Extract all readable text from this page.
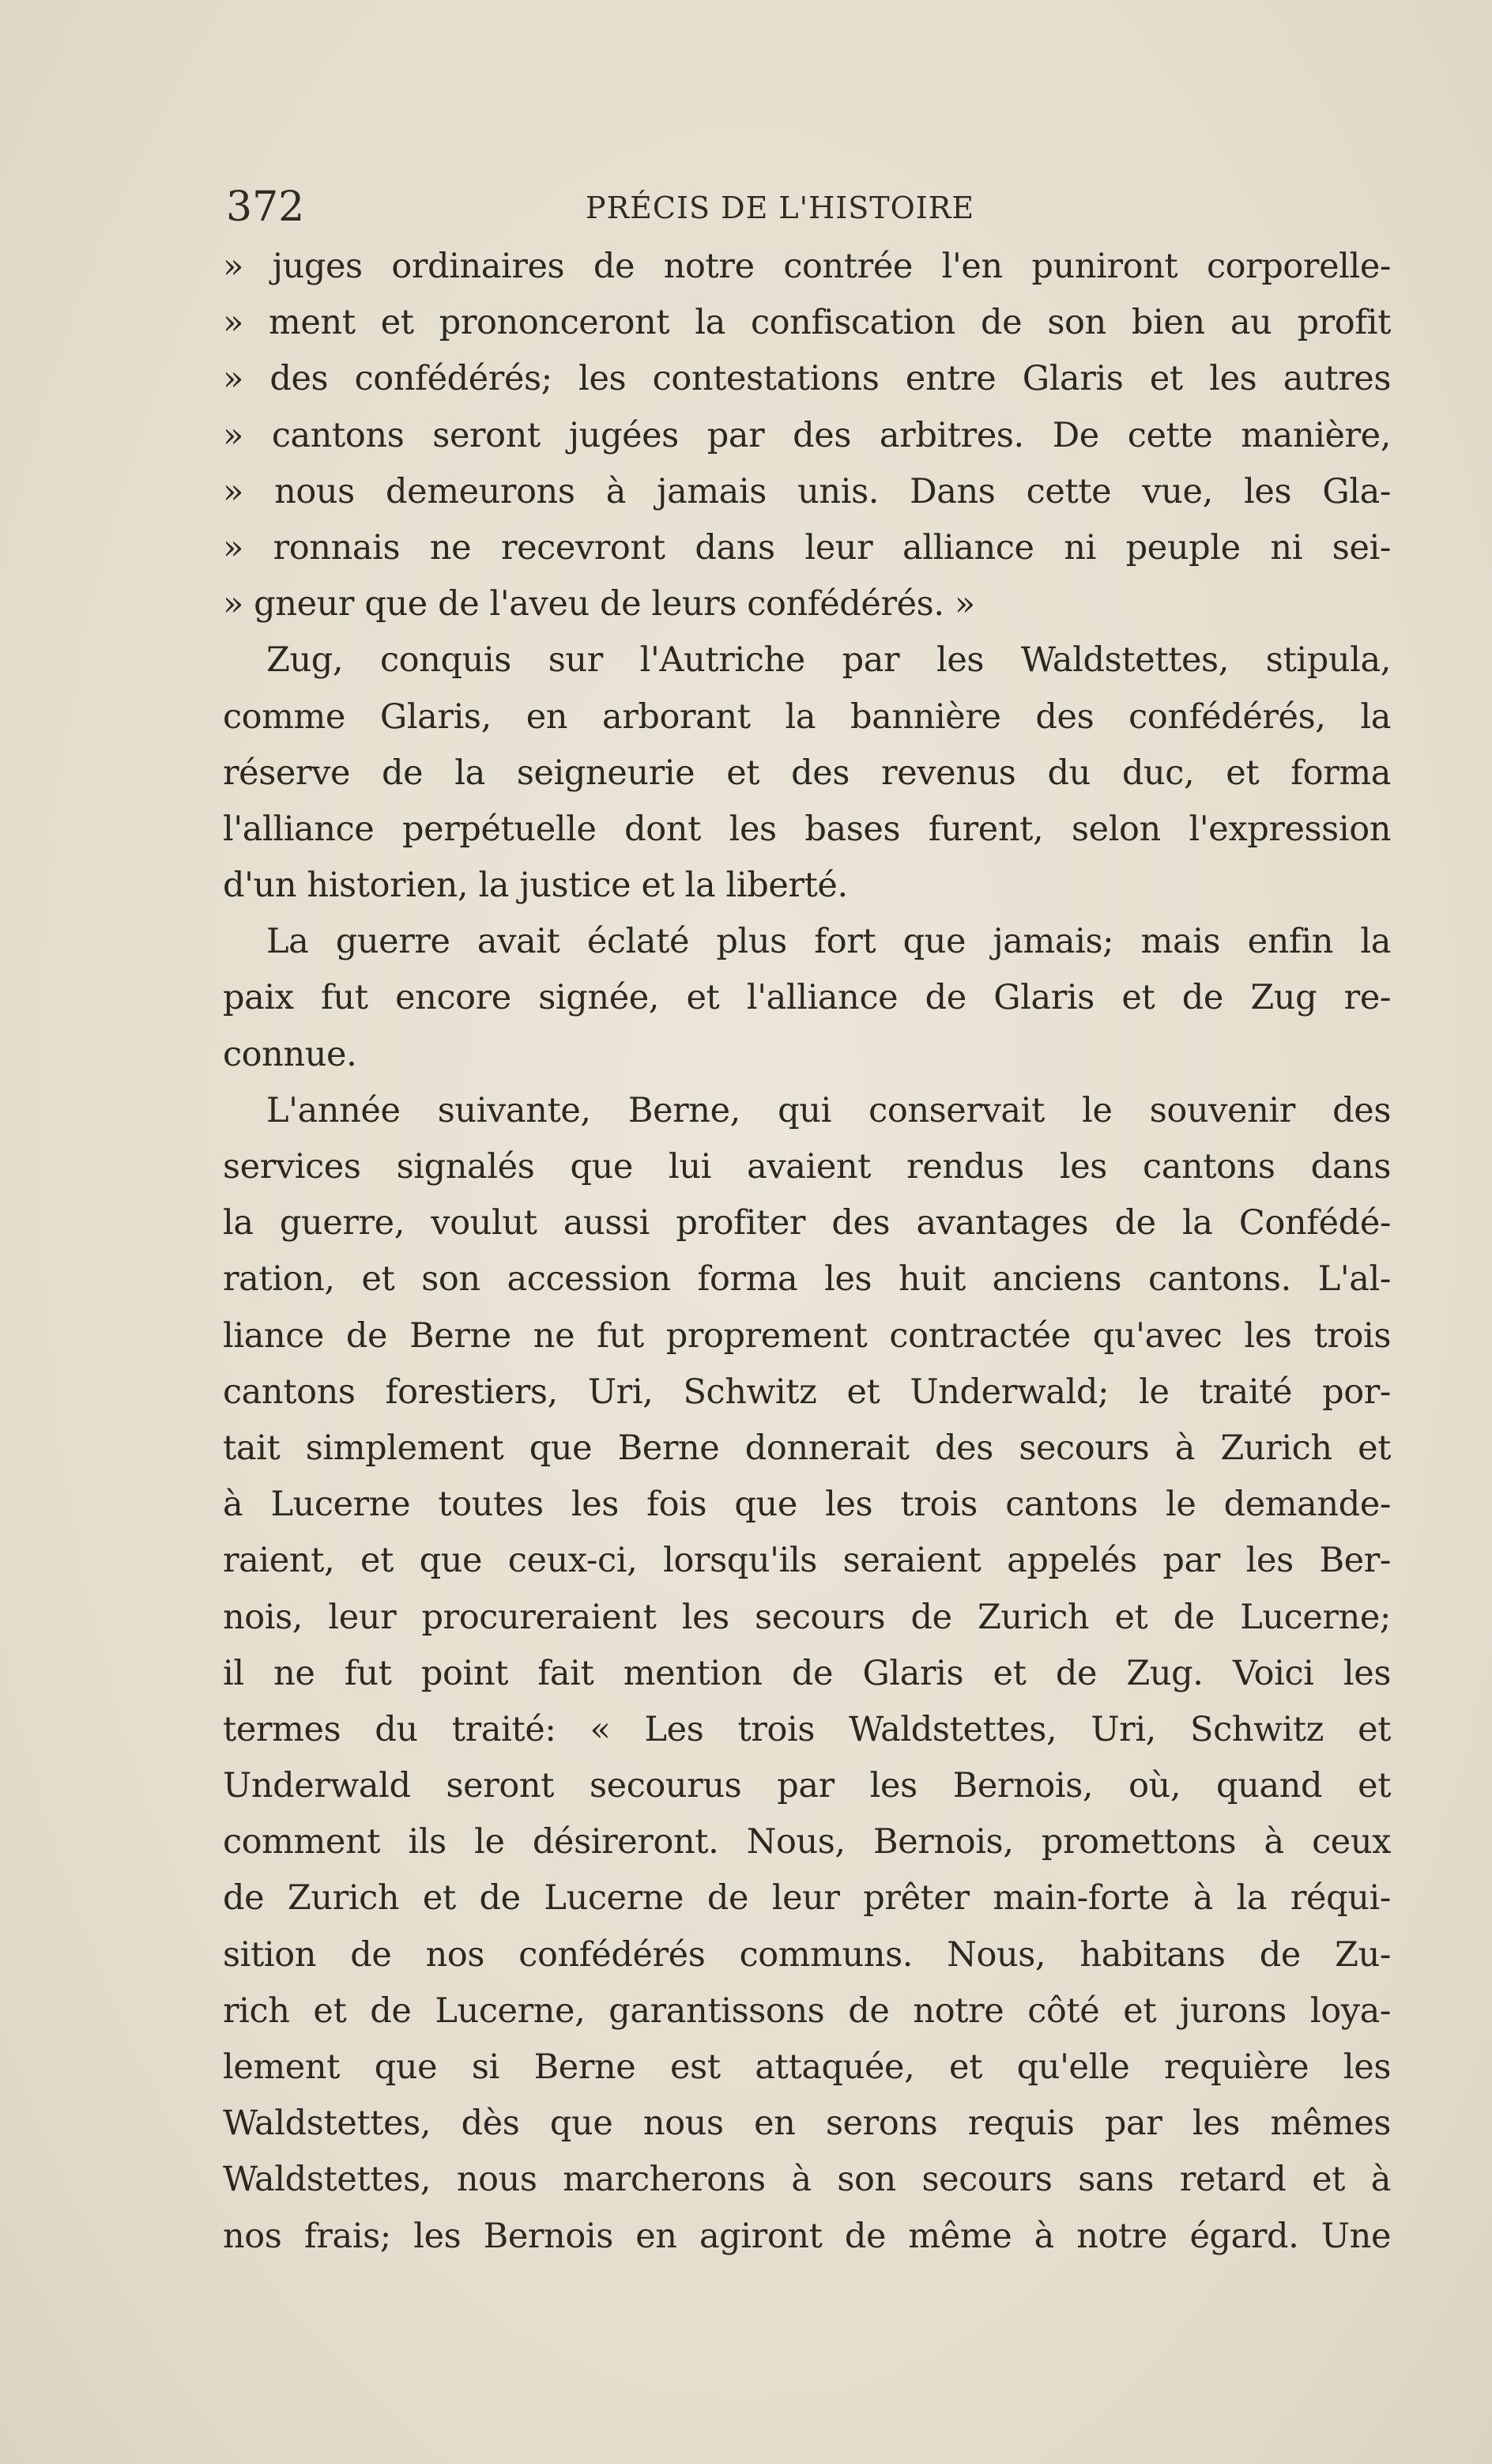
372	PRÉCIS DE L'HISTOIRE
» juges ordinaires de notre contrée l'en puniront corporelle-
» ment et prononceront la confiscation de son bien au profit
» des confédérés; les contestations entre Glaris et les autres
» cantons seront jugées par des arbitres. De cette manière,
» nous demeurons à jamais unis. Dans cette vue, les Gla-
» ronnais ne recevront dans leur alliance ni peuple ni sei-
» gneur que de l'aveu de leurs confédérés. »
Zug, conquis sur l'Autriche par les Waldstettes, stipula,
comme Glaris, en arborant la bannière des confédérés, la
réserve de la seigneurie et des revenus du duc, et forma
l'alliance perpétuelle dont les bases furent, selon l'expression
d'un historien, la justice et la liberté.
La guerre avait éclaté plus fort que jamais; mais enfin la
paix fut encore signée, et l'alliance de Glaris et de Zug re-
connue.
L'année suivante, Berne, qui conservait le souvenir des
services signalés que lui avaient rendus les cantons dans
la guerre, voulut aussi profiter des avantages de la Confédé-
ration, et son accession forma les huit anciens cantons. L'al-
liance de Berne ne fut proprement contractée qu'avec les trois
cantons forestiers, Uri, Schwitz et Underwald; le traité por-
tait simplement que Berne donnerait des secours à Zurich et
à Lucerne toutes les fois que les trois cantons le demande-
raient, et que ceux-ci, lorsqu'ils seraient appelés par les Ber-
nois, leur procureraient les secours de Zurich et de Lucerne;
il ne fut point fait mention de Glaris et de Zug. Voici les
termes du traité: « Les trois Waldstettes, Uri, Schwitz et
Underwald seront secourus par les Bernois, où, quand et
comment ils le désireront. Nous, Bernois, promettons à ceux
de Zurich et de Lucerne de leur prêter main-forte à la réqui-
sition de nos confédérés communs. Nous, habitans de Zu-
rich et de Lucerne, garantissons de notre côté et jurons loya-
lement que si Berne est attaquée, et qu'elle requière les
Waldstettes, dès que nous en serons requis par les mêmes
Waldstettes, nous marcherons à son secours sans retard et à
nos frais; les Bernois en agiront de même à notre égard. Une
